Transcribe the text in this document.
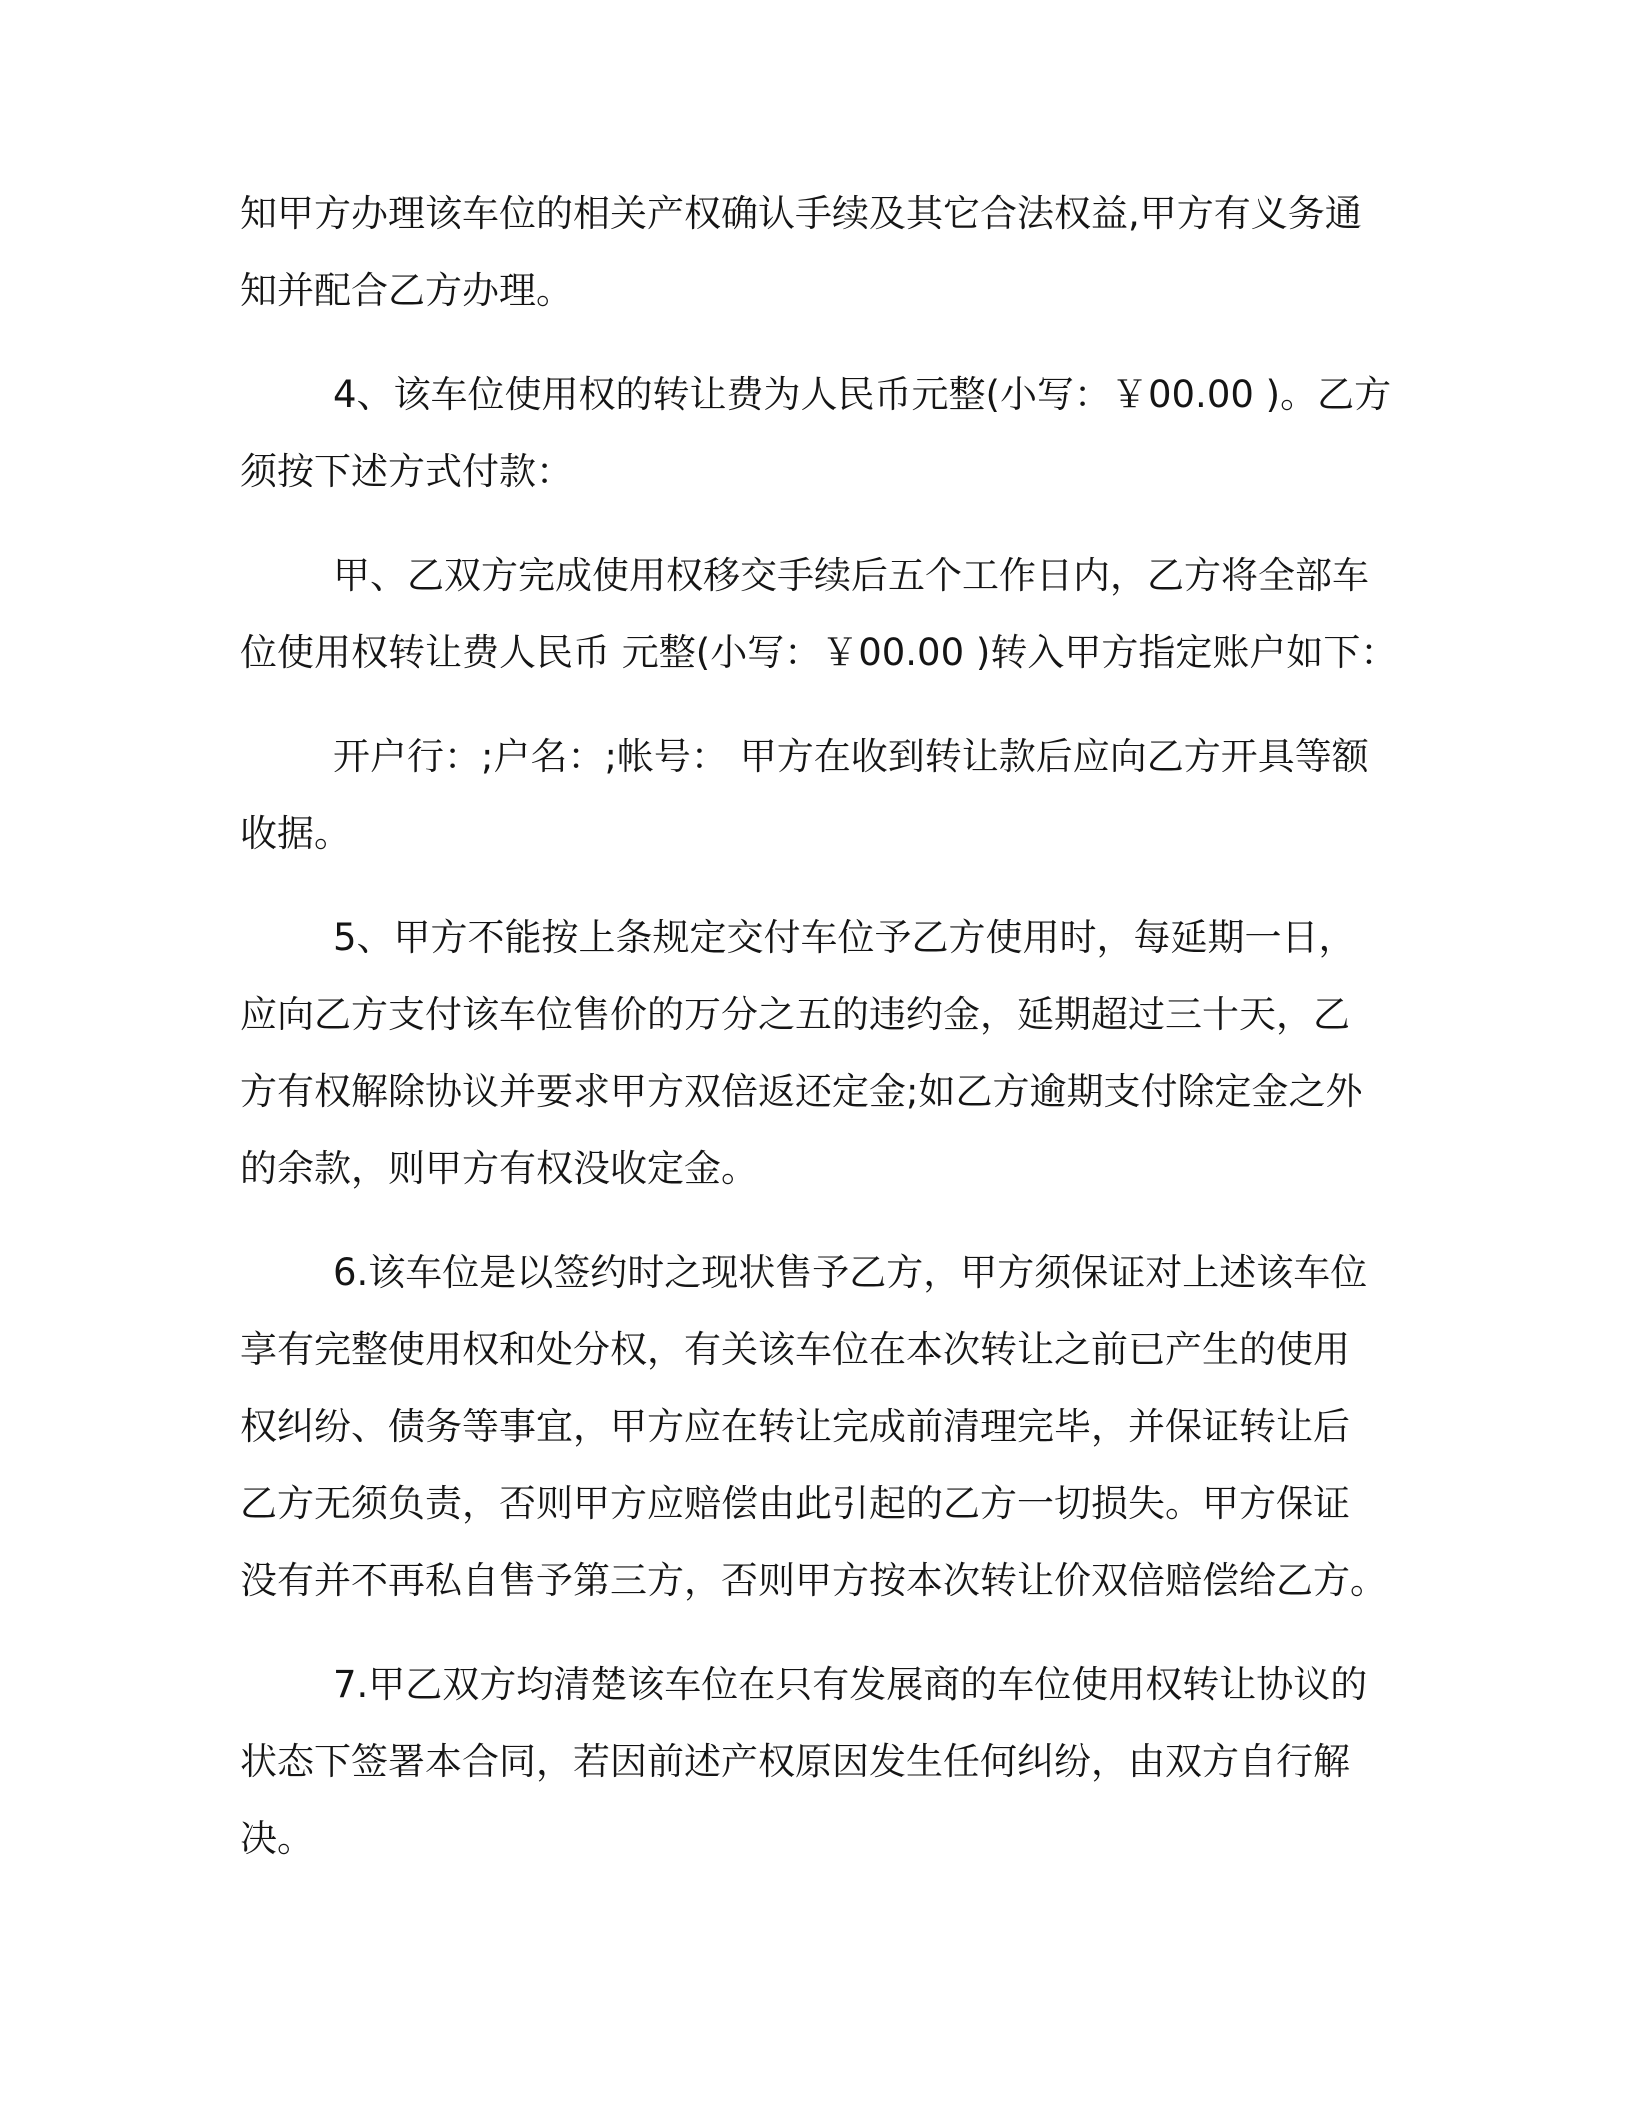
知甲方办理该车位的相关产权确认手续及其它合法权益,甲方有义务通
知并配合乙方办理。
4、该车位使用权的转让费为人民币元整(小写：￥00.00 )。乙方
须按下述方式付款：
甲、乙双方完成使用权移交手续后五个工作日内，乙方将全部车
位使用权转让费人民币 元整(小写：￥00.00 )转入甲方指定账户如下：
开户行：;户名：;帐号： 甲方在收到转让款后应向乙方开具等额
收据。
5、甲方不能按上条规定交付车位予乙方使用时，每延期一日，
应向乙方支付该车位售价的万分之五的违约金，延期超过三十天，乙
方有权解除协议并要求甲方双倍返还定金;如乙方逾期支付除定金之外
的余款，则甲方有权没收定金。
6.该车位是以签约时之现状售予乙方，甲方须保证对上述该车位
享有完整使用权和处分权，有关该车位在本次转让之前已产生的使用
权纠纷、债务等事宜，甲方应在转让完成前清理完毕，并保证转让后
乙方无须负责，否则甲方应赔偿由此引起的乙方一切损失。甲方保证
没有并不再私自售予第三方，否则甲方按本次转让价双倍赔偿给乙方。
7.甲乙双方均清楚该车位在只有发展商的车位使用权转让协议的
状态下签署本合同，若因前述产权原因发生任何纠纷，由双方自行解
决。
